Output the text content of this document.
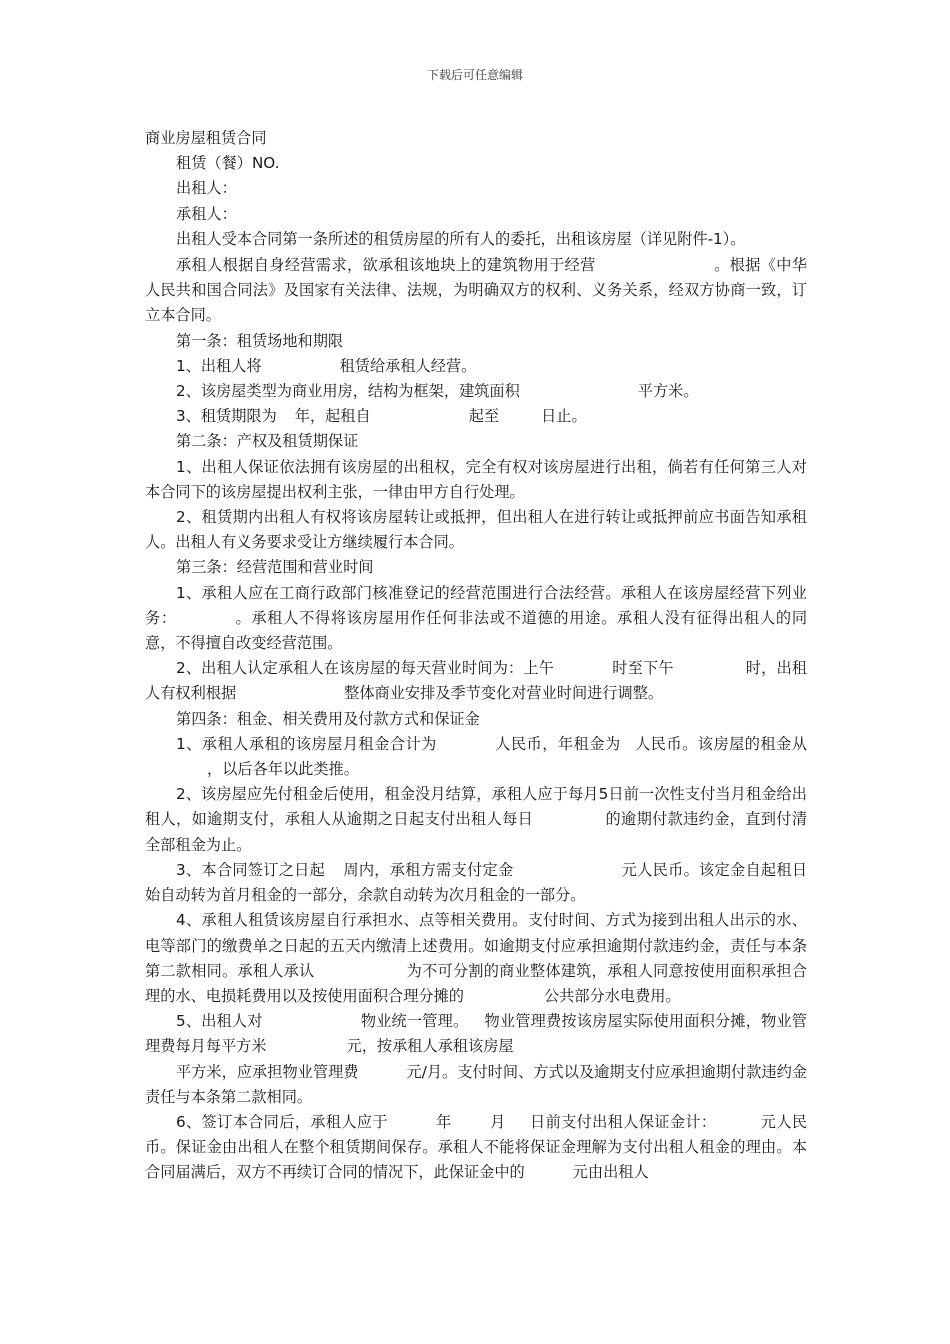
下载后可任意编辑

商业房屋租赁合同

租赁（餐）NO.

出租人：

承租人：

出租人受本合同第一条所述的租赁房屋的所有人的委托，出租该房屋（详见附件-1）。

承租人根据自身经营需求，欲承租该地块上的建筑物用于经营	。根据《中华人民共和国合同法》及国家有关法律、法规，为明确双方的权利、义务关系，经双方协商一致，订立本合同。

第一条：租赁场地和期限

1、出租人将	租赁给承租人经营。

2、该房屋类型为商业用房，结构为框架，建筑面积	平方米。

3、租赁期限为 年，起租自	起至	日止。

第二条：产权及租赁期保证

1、出租人保证依法拥有该房屋的出租权，完全有权对该房屋进行出租，倘若有任何第三人对本合同下的该房屋提出权利主张，一律由甲方自行处理。

2、租赁期内出租人有权将该房屋转让或抵押，但出租人在进行转让或抵押前应书面告知承租人。出租人有义务要求受让方继续履行本合同。

第三条：经营范围和营业时间

1、承租人应在工商行政部门核准登记的经营范围进行合法经营。承租人在该房屋经营下列业务：	。承租人不得将该房屋用作任何非法或不道德的用途。承租人没有征得出租人的同意，不得擅自改变经营范围。

2、出租人认定承租人在该房屋的每天营业时间为：上午	时至下午	时，出租人有权利根据	整体商业安排及季节变化对营业时间进行调整。

第四条：租金、相关费用及付款方式和保证金

1、承租人承租的该房屋月租金合计为	人民币，年租金为 人民币。该房屋的租金从，以后各年以此类推。

2、该房屋应先付租金后使用，租金没月结算，承租人应于每月5日前一次性支付当月租金给出租人，如逾期支付，承租人从逾期之日起支付出租人每日	的逾期付款违约金，直到付清全部租金为止。

3、本合同签订之日起 周内，承租方需支付定金	元人民币。该定金自起租日始自动转为首月租金的一部分，余款自动转为次月租金的一部分。

4、承租人租赁该房屋自行承担水、点等相关费用。支付时间、方式为接到出租人出示的水、电等部门的缴费单之日起的五天内缴清上述费用。如逾期支付应承担逾期付款违约金，责任与本条第二款相同。承租人承认	为不可分割的商业整体建筑，承租人同意按使用面积承担合理的水、电损耗费用以及按使用面积合理分摊的	公共部分水电费用。

5、出租人对	物业统一管理。 物业管理费按该房屋实际使用面积分摊，物业管理费每月每平方米	元，按承租人承租该房屋

平方米，应承担物业管理费	元/月。支付时间、方式以及逾期支付应承担逾期付款违约金责任与本条第二款相同。

6、签订本合同后，承租人应于	年	月 日前支付出租人保证金计：	元人民币。保证金由出租人在整个租赁期间保存。承租人不能将保证金理解为支付出租人租金的理由。本合同届满后，双方不再续订合同的情况下，此保证金中的	元由出租人
